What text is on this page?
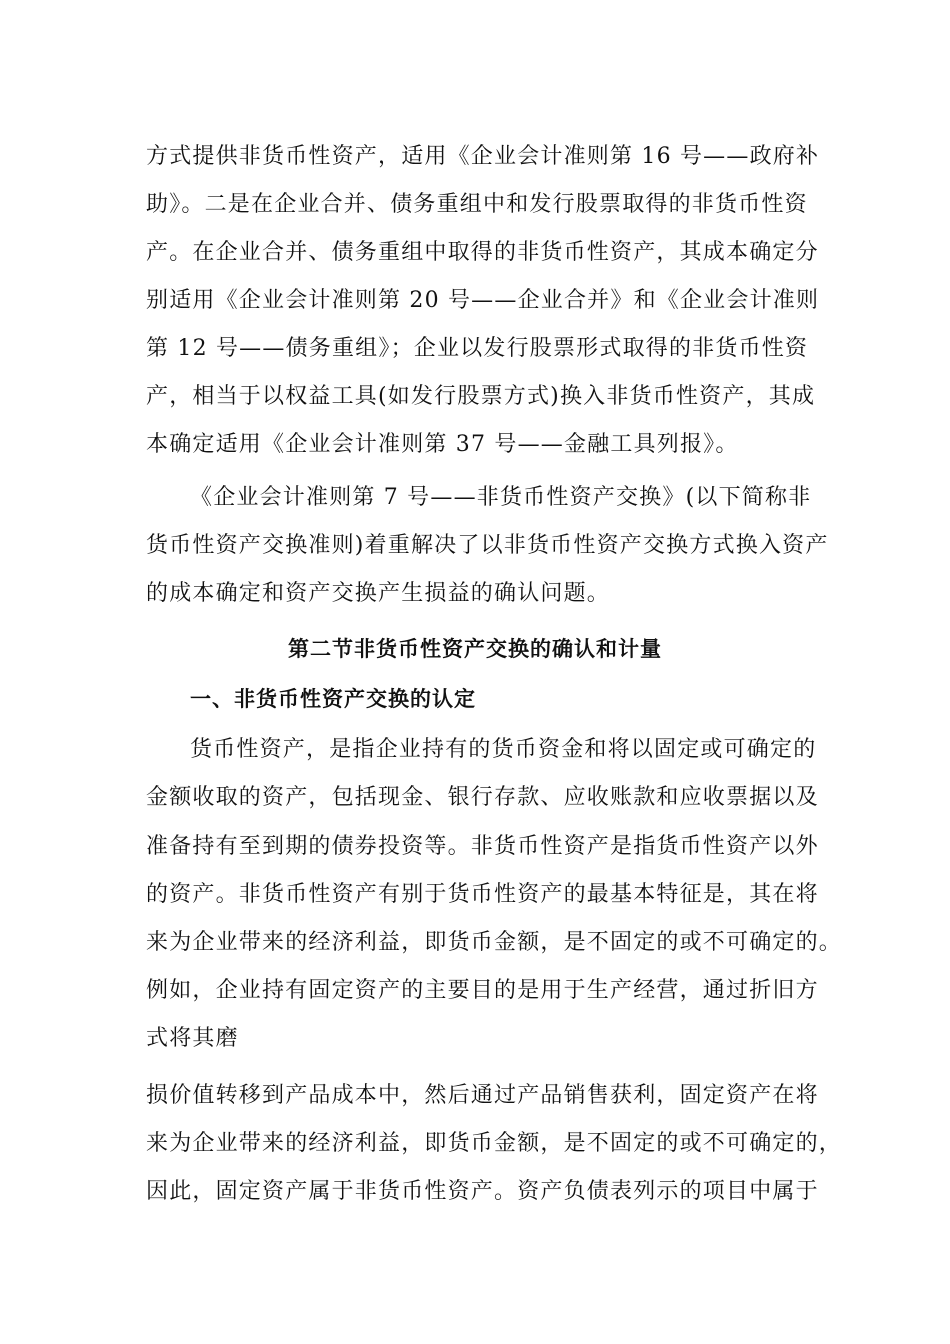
方式提供非货币性资产，适用《企业会计准则第 16 号——政府补
助》。二是在企业合并、债务重组中和发行股票取得的非货币性资
产。在企业合并、债务重组中取得的非货币性资产，其成本确定分
别适用《企业会计准则第 20 号——企业合并》和《企业会计准则
第 12 号——债务重组》；企业以发行股票形式取得的非货币性资
产，相当于以权益工具(如发行股票方式)换入非货币性资产，其成
本确定适用《企业会计准则第 37 号——金融工具列报》。
《企业会计准则第 7 号——非货币性资产交换》(以下简称非
货币性资产交换准则)着重解决了以非货币性资产交换方式换入资产
的成本确定和资产交换产生损益的确认问题。
第二节非货币性资产交换的确认和计量
一、非货币性资产交换的认定
货币性资产，是指企业持有的货币资金和将以固定或可确定的
金额收取的资产，包括现金、银行存款、应收账款和应收票据以及
准备持有至到期的债券投资等。非货币性资产是指货币性资产以外
的资产。非货币性资产有别于货币性资产的最基本特征是，其在将
来为企业带来的经济利益，即货币金额，是不固定的或不可确定的。
例如，企业持有固定资产的主要目的是用于生产经营，通过折旧方
式将其磨
损价值转移到产品成本中，然后通过产品销售获利，固定资产在将
来为企业带来的经济利益，即货币金额，是不固定的或不可确定的，
因此，固定资产属于非货币性资产。资产负债表列示的项目中属于
